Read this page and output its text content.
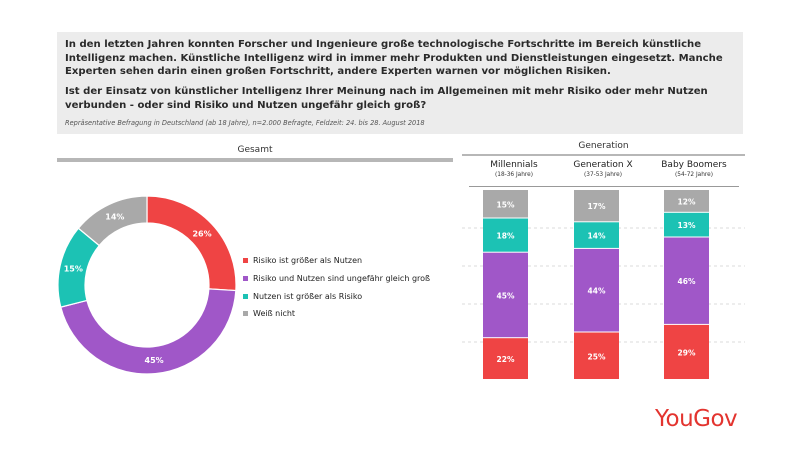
In den letzten Jahren konnten Forscher und Ingenieure große technologische Fortschritte im Bereich künstliche Intelligenz machen. Künstliche Intelligenz wird in immer mehr Produkten und Dienstleistungen eingesetzt. Manche Experten sehen darin einen großen Fortschritt, andere Experten warnen vor möglichen Risiken.
Ist der Einsatz von künstlicher Intelligenz Ihrer Meinung nach im Allgemeinen mit mehr Risiko oder mehr Nutzen verbunden - oder sind Risiko und Nutzen ungefähr gleich groß?
Repräsentative Befragung in Deutschland (ab 18 Jahre), n=2.000 Befragte, Feldzeit: 24. bis 28. August 2018
Gesamt
26%
45%
15%
14%
Risiko ist größer als Nutzen
Risiko und Nutzen sind ungefähr gleich groß
Nutzen ist größer als Risiko
Weiß nicht
Generation
Millennials
(18-36 Jahre)
Generation X
(37-53 Jahre)
Baby Boomers
(54-72 Jahre)
22%
45%
18%
15%
25%
44%
14%
17%
29%
46%
13%
12%
YouGov
